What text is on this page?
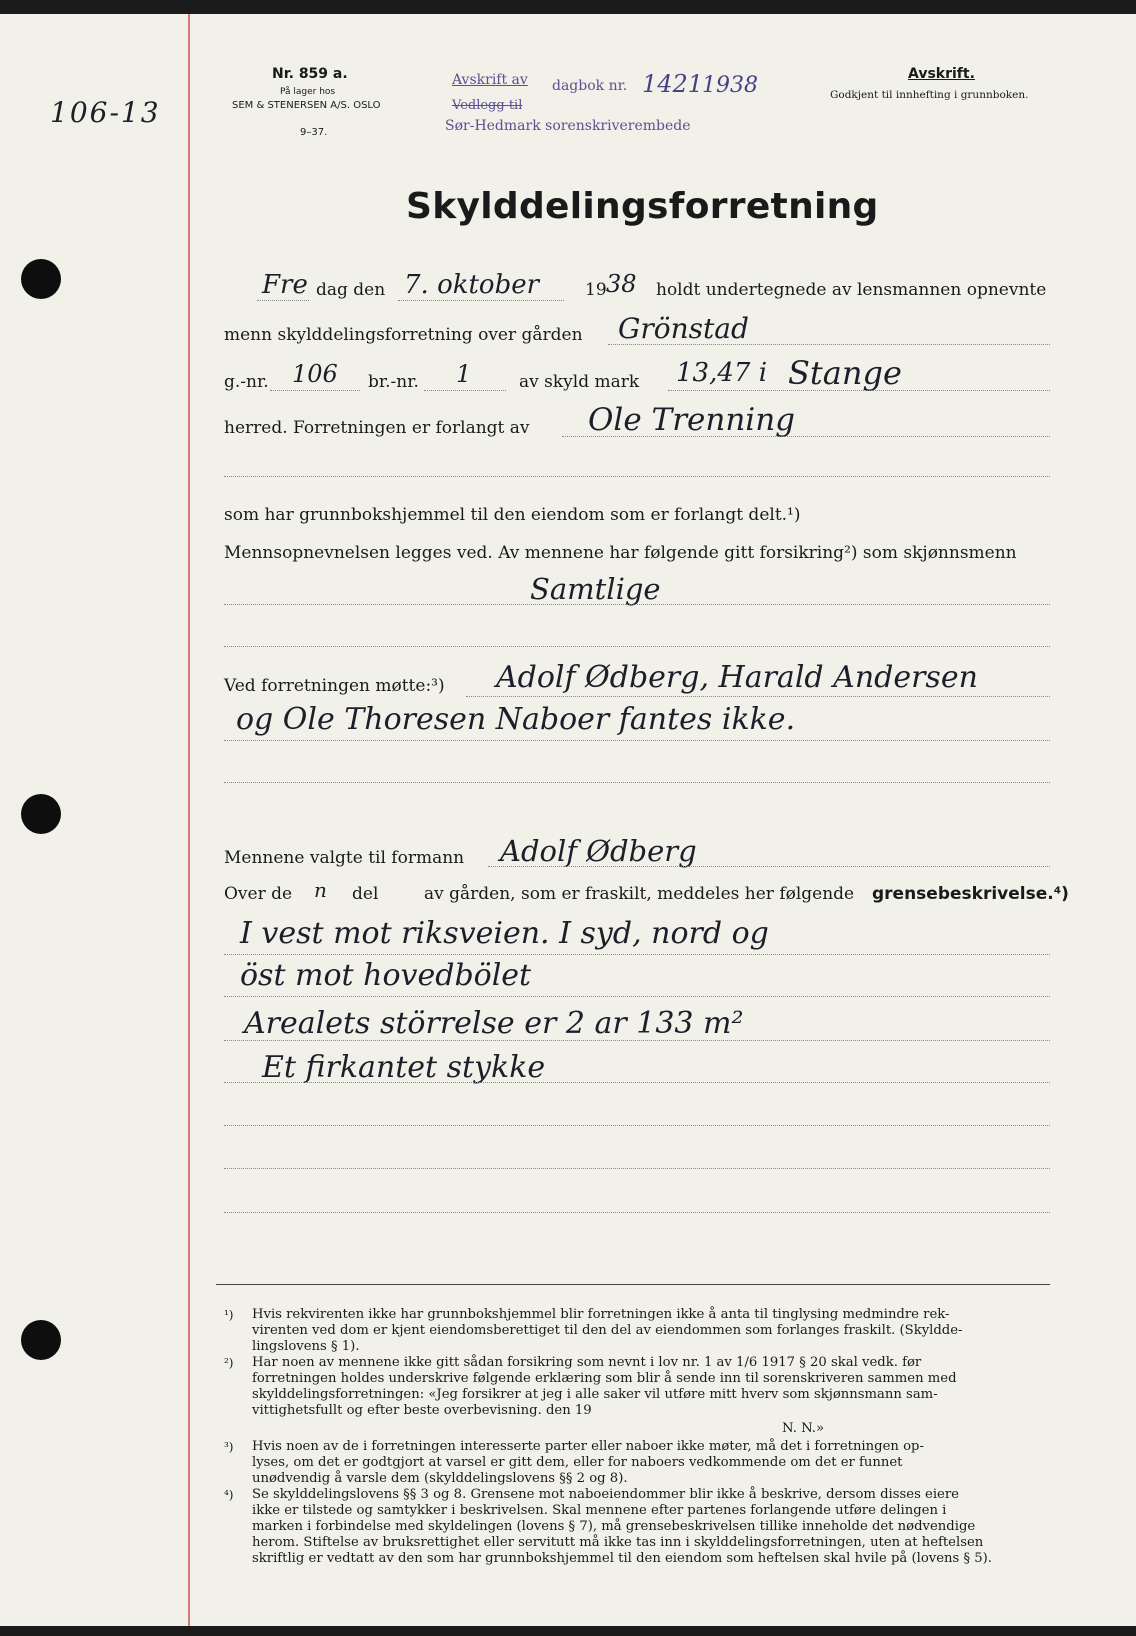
106-13
Nr. 859 a.
På lager hos
SEM & STENERSEN A/S. OSLO
9–37.
Avskrift av dagbok nr. 1421
1938
Vedlegg til
Sør-Hedmark sorenskriverembede
Avskrift.
Godkjent til innhefting i grunnboken.
Skylddelingsforretning
Fre dag den 7. oktober	19 38 holdt undertegnede av lensmannen opnevnte
menn skylddelingsforretning over gården Grönstad
g.-nr. 106 br.-nr. 1	av skyld mark 13,47 i Stange
herred. Forretningen er forlangt av Ole Trenning
som har grunnbokshjemmel til den eiendom som er forlangt delt.¹)
Mennsopnevnelsen legges ved. Av mennene har følgende gitt forsikring²) som skjønnsmenn
Samtlige
Ved forretningen møtte:³) Adolf Ødberg, Harald Andersen
og Ole Thoresen Naboer fantes ikke.
Mennene valgte til formann Adolf Ødberg
Over de n del	av gården, som er fraskilt, meddeles her følgende grensebeskrivelse.⁴)
I vest mot riksveien. I syd, nord og
öst mot hovedbölet
Arealets störrelse er 2 ar 133 m²
Et firkantet stykke
¹) Hvis rekvirenten ikke har grunnbokshjemmel blir forretningen ikke å anta til tinglysing medmindre rek-
virenten ved dom er kjent eiendomsberettiget til den del av eiendommen som forlanges fraskilt. (Skyldde-
lingslovens § 1).
²) Har noen av mennene ikke gitt sådan forsikring som nevnt i lov nr. 1 av 1/6 1917 § 20 skal vedk. før
forretningen holdes underskrive følgende erklæring som blir å sende inn til sorenskriveren sammen med
skylddelingsforretningen: «Jeg forsikrer at jeg i alle saker vil utføre mitt hverv som skjønnsmann sam-
vittighetsfullt og efter beste overbevisning. den 19
N. N.»
³) Hvis noen av de i forretningen interesserte parter eller naboer ikke møter, må det i forretningen op-
lyses, om det er godtgjort at varsel er gitt dem, eller for naboers vedkommende om det er funnet
unødvendig å varsle dem (skylddelingslovens §§ 2 og 8).
⁴) Se skylddelingslovens §§ 3 og 8. Grensene mot naboeiendommer blir ikke å beskrive, dersom disses eiere
ikke er tilstede og samtykker i beskrivelsen. Skal mennene efter partenes forlangende utføre delingen i
marken i forbindelse med skyldelingen (lovens § 7), må grensebeskrivelsen tillike inneholde det nødvendige
herom. Stiftelse av bruksrettighet eller servitutt må ikke tas inn i skylddelingsforretningen, uten at heftelsen
skriftlig er vedtatt av den som har grunnbokshjemmel til den eiendom som heftelsen skal hvile på (lovens § 5).
